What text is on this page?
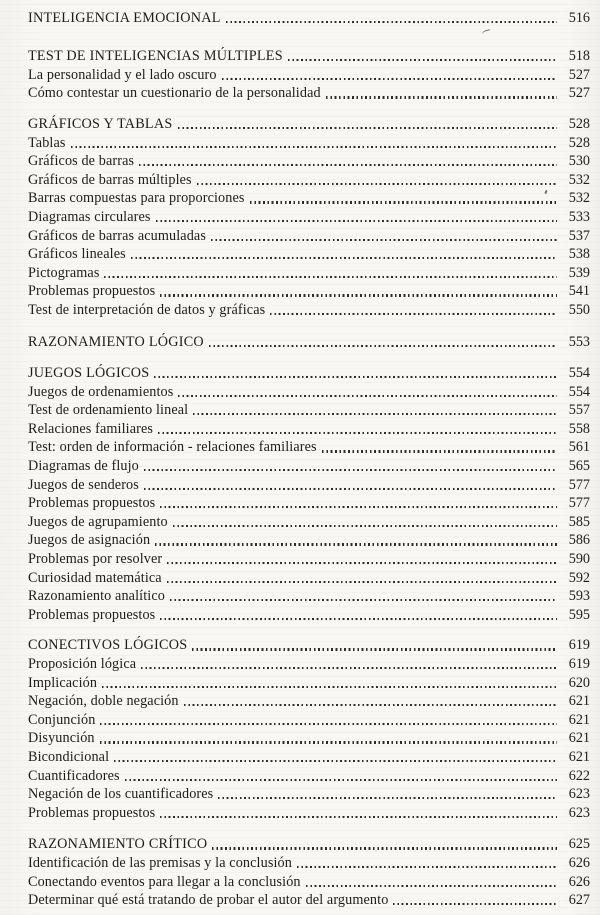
INTELIGENCIA EMOCIONAL	516
TEST DE INTELIGENCIAS MÚLTIPLES	518
La personalidad y el lado oscuro	527
Cómo contestar un cuestionario de la personalidad	527
GRÁFICOS Y TABLAS	528
Tablas	528
Gráficos de barras	530
Gráficos de barras múltiples	532
Barras compuestas para proporciones	532
Diagramas circulares	533
Gráficos de barras acumuladas	537
Gráficos lineales	538
Pictogramas	539
Problemas propuestos	541
Test de interpretación de datos y gráficas	550
RAZONAMIENTO LÓGICO	553
JUEGOS LÓGICOS	554
Juegos de ordenamientos	554
Test de ordenamiento lineal	557
Relaciones familiares	558
Test: orden de información - relaciones familiares	561
Diagramas de flujo	565
Juegos de senderos	577
Problemas propuestos	577
Juegos de agrupamiento	585
Juegos de asignación	586
Problemas por resolver	590
Curiosidad matemática	592
Razonamiento analítico	593
Problemas propuestos	595
CONECTIVOS LÓGICOS	619
Proposición lógica	619
Implicación	620
Negación, doble negación	621
Conjunción	621
Disyunción	621
Bicondicional	621
Cuantificadores	622
Negación de los cuantificadores	623
Problemas propuestos	623
RAZONAMIENTO CRÍTICO	625
Identificación de las premisas y la conclusión	626
Conectando eventos para llegar a la conclusión	626
Determinar qué está tratando de probar el autor del argumento	627
